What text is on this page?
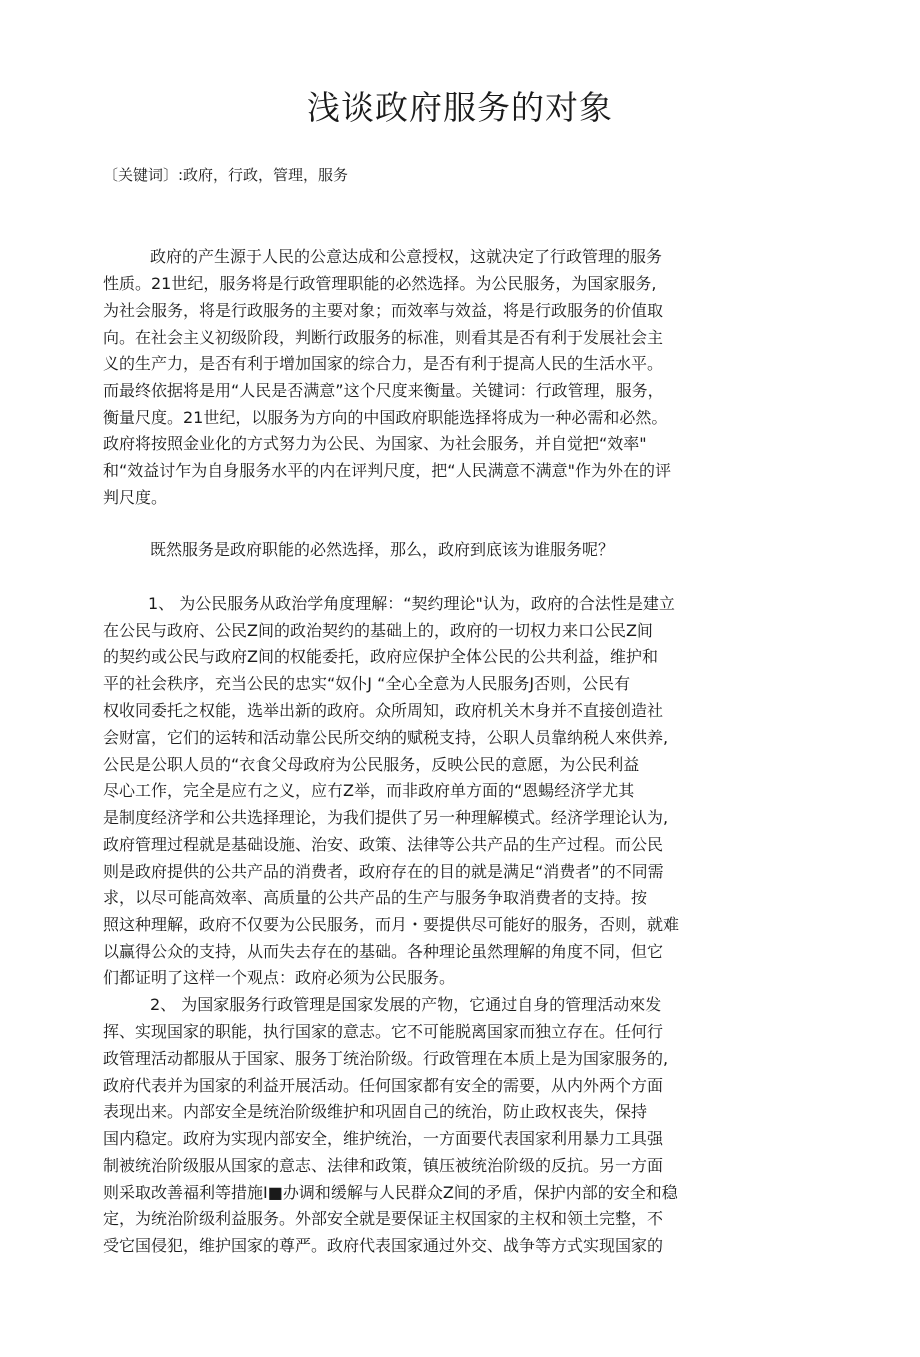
浅谈政府服务的对象
〔关键词〕:政府，行政，管理，服务
政府的产生源于人民的公意达成和公意授权，这就决定了行政管理的服务
性质。21世纪，服务将是行政管理职能的必然选择。为公民服务，为国家服务,
为社会服务，将是行政服务的主要对象；而效率与效益，将是行政服务的价值取
向。在社会主义初级阶段，判断行政服务的标准，则看其是否有利于发展社会主
义的生产力，是否有利于增加国家的综合力，是否有利于提高人民的生活水平。
而最终依据将是用“人民是否满意”这个尺度来衡量。关键词：行政管理，服务，
衡量尺度。21世纪，以服务为方向的中国政府职能选择将成为一种必需和必然。
政府将按照金业化的方式努力为公民、为国家、为社会服务，并自觉把“效率"
和“效益讨乍为自身服务水平的内在评判尺度，把“人民满意不满意"作为外在的评
判尺度。
既然服务是政府职能的必然选择，那么，政府到底该为谁服务呢？
1、 为公民服务从政治学角度理解：“契约理论"认为，政府的合法性是建立
在公民与政府、公民Z间的政治契约的基础上的，政府的一切权力来口公民Z间
的契约或公民与政府Z间的权能委托，政府应保护全体公民的公共利益，维护和
平的社会秩序，充当公民的忠实“奴仆J “全心全意为人民服务J否则，公民有
权收同委托之权能，选举出新的政府。众所周知，政府机关木身并不直接创造社
会财富，它们的运转和活动靠公民所交纳的赋税支持，公职人员靠纳税人來供养,
公民是公职人员的“衣食父母政府为公民服务，反映公民的意愿，为公民利益
尽心工作，完全是应冇之义，应冇Z举，而非政府单方面的“恩蝪经济学尤其
是制度经济学和公共选择理论，为我们提供了另一种理解模式。经济学理论认为,
政府管理过程就是基础设施、治安、政策、法律等公共产品的生产过程。而公民
则是政府提供的公共产品的消费者，政府存在的目的就是满足“消费者”的不同需
求，以尽可能高效率、高质量的公共产品的生产与服务争取消费者的支持。按
照这种理解，政府不仅要为公民服务，而月・要提供尽可能好的服务，否则，就难
以赢得公众的支持，从而失去存在的基础。各种理论虽然理解的角度不同，但它
们都证明了这样一个观点：政府必须为公民服务。
2、 为国家服务行政管理是国家发展的产物，它通过自身的管理活动來发
挥、实现国家的职能，执行国家的意志。它不可能脱离国家而独立存在。任何行
政管理活动都服从于国家、服务丁统治阶级。行政管理在本质上是为国家服务的,
政府代表并为国家的利益开展活动。任何国家都有安全的需要，从内外两个方面
表现出来。内部安全是统治阶级维护和巩固自己的统治，防止政权丧失，保持
国内稳定。政府为实现内部安全，维护统治，一方面要代表国家利用暴力工具强
制被统治阶级服从国家的意志、法律和政策，镇压被统治阶级的反抗。另一方面
则采取改善福利等措施I■办调和缓解与人民群众Z间的矛盾，保护内部的安全和稳
定，为统治阶级利益服务。外部安全就是要保证主权国家的主权和领土完整，不
受它国侵犯，维护国家的尊严。政府代表国家通过外交、战争等方式实现国家的
